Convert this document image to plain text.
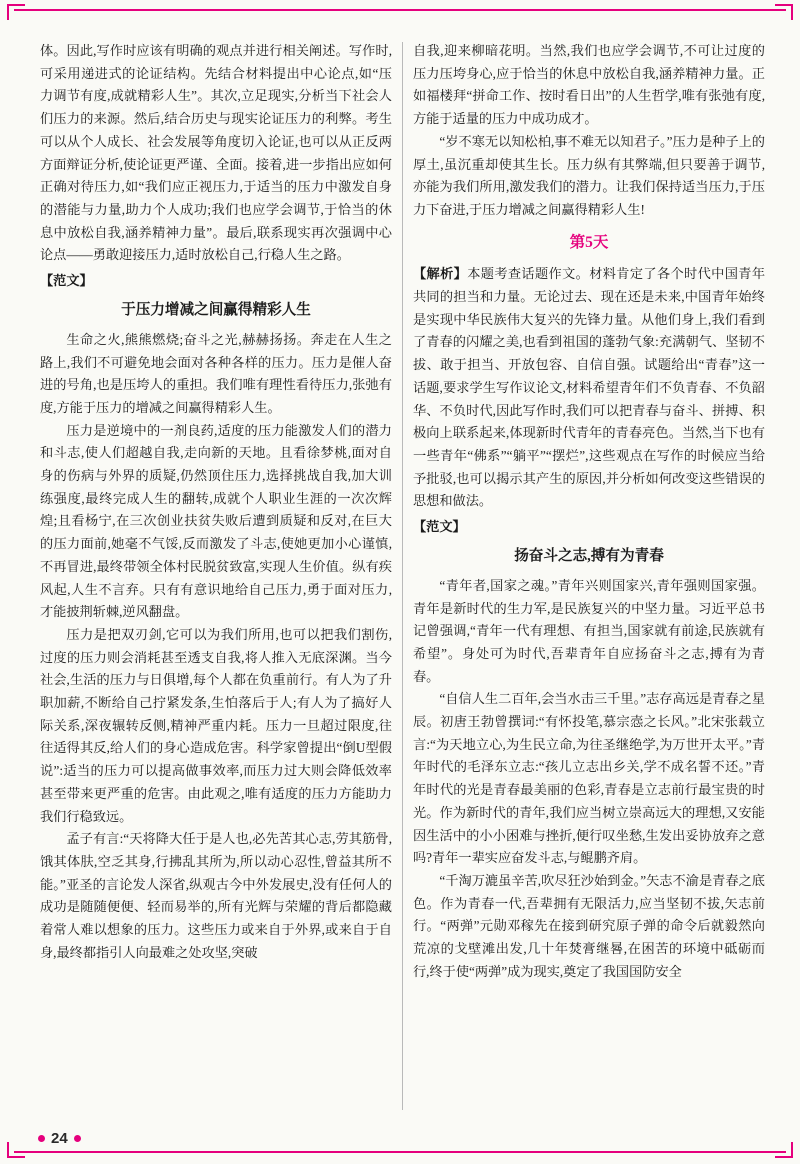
体。因此,写作时应该有明确的观点并进行相关阐述。写作时,可采用递进式的论证结构。先结合材料提出中心论点,如“压力调节有度,成就精彩人生”。其次,立足现实,分析当下社会人们压力的来源。然后,结合历史与现实论证压力的利弊。考生可以从个人成长、社会发展等角度切入论证,也可以从正反两方面辩证分析,使论证更严谨、全面。接着,进一步指出应如何正确对待压力,如“我们应正视压力,于适当的压力中激发自身的潜能与力量,助力个人成功;我们也应学会调节,于恰当的休息中放松自我,涵养精神力量”。最后,联系现实再次强调中心论点——勇敢迎接压力,适时放松自己,行稳人生之路。

【范文】

于压力增减之间赢得精彩人生

生命之火,熊熊燃烧;奋斗之光,赫赫扬扬。奔走在人生之路上,我们不可避免地会面对各种各样的压力。压力是催人奋进的号角,也是压垮人的重担。我们唯有理性看待压力,张弛有度,方能于压力的增减之间赢得精彩人生。

压力是逆境中的一剂良药,适度的压力能激发人们的潜力和斗志,使人们超越自我,走向新的天地。且看徐梦桃,面对自身的伤病与外界的质疑,仍然顶住压力,选择挑战自我,加大训练强度,最终完成人生的翻转,成就个人职业生涯的一次次辉煌;且看杨宁,在三次创业扶贫失败后遭到质疑和反对,在巨大的压力面前,她毫不气馁,反而激发了斗志,使她更加小心谨慎,不再冒进,最终带领全体村民脱贫致富,实现人生价值。纵有疾风起,人生不言弃。只有有意识地给自己压力,勇于面对压力,才能披荆斩棘,逆风翻盘。

压力是把双刃剑,它可以为我们所用,也可以把我们割伤,过度的压力则会消耗甚至透支自我,将人推入无底深渊。当今社会,生活的压力与日俱增,每个人都在负重前行。有人为了升职加薪,不断给自己拧紧发条,生怕落后于人;有人为了搞好人际关系,深夜辗转反侧,精神严重内耗。压力一旦超过限度,往往适得其反,给人们的身心造成危害。科学家曾提出“倒U型假说”:适当的压力可以提高做事效率,而压力过大则会降低效率甚至带来更严重的危害。由此观之,唯有适度的压力方能助力我们行稳致远。

孟子有言:“天将降大任于是人也,必先苦其心志,劳其筋骨,饿其体肤,空乏其身,行拂乱其所为,所以动心忍性,曾益其所不能。”亚圣的言论发人深省,纵观古今中外发展史,没有任何人的成功是随随便便、轻而易举的,所有光辉与荣耀的背后都隐藏着常人难以想象的压力。这些压力或来自于外界,或来自于自身,最终都指引人向最难之处攻坚,突破

自我,迎来柳暗花明。当然,我们也应学会调节,不可让过度的压力压垮身心,应于恰当的休息中放松自我,涵养精神力量。正如福楼拜“拼命工作、按时看日出”的人生哲学,唯有张弛有度,方能于适量的压力中成功成才。

“岁不寒无以知松柏,事不难无以知君子。”压力是种子上的厚土,虽沉重却使其生长。压力纵有其弊端,但只要善于调节,亦能为我们所用,激发我们的潜力。让我们保持适当压力,于压力下奋进,于压力增减之间赢得精彩人生!

第5天

【解析】本题考查话题作文。材料肯定了各个时代中国青年共同的担当和力量。无论过去、现在还是未来,中国青年始终是实现中华民族伟大复兴的先锋力量。从他们身上,我们看到了青春的闪耀之美,也看到祖国的蓬勃气象:充满朝气、坚韧不拔、敢于担当、开放包容、自信自强。试题给出“青春”这一话题,要求学生写作议论文,材料希望青年们不负青春、不负韶华、不负时代,因此写作时,我们可以把青春与奋斗、拼搏、积极向上联系起来,体现新时代青年的青春亮色。当然,当下也有一些青年“佛系”“躺平”“摆烂”,这些观点在写作的时候应当给予批驳,也可以揭示其产生的原因,并分析如何改变这些错误的思想和做法。

【范文】

扬奋斗之志,搏有为青春

“青年者,国家之魂。”青年兴则国家兴,青年强则国家强。青年是新时代的生力军,是民族复兴的中坚力量。习近平总书记曾强调,“青年一代有理想、有担当,国家就有前途,民族就有希望”。身处可为时代,吾辈青年自应扬奋斗之志,搏有为青春。

“自信人生二百年,会当水击三千里。”志存高远是青春之星辰。初唐王勃曾撰词:“有怀投笔,慕宗悫之长风。”北宋张载立言:“为天地立心,为生民立命,为往圣继绝学,为万世开太平。”青年时代的毛泽东立志:“孩儿立志出乡关,学不成名誓不还。”青年时代的光是青春最美丽的色彩,青春是立志前行最宝贵的时光。作为新时代的青年,我们应当树立崇高远大的理想,又安能因生活中的小小困难与挫折,便行叹坐愁,生发出妥协放弃之意吗?青年一辈实应奋发斗志,与鲲鹏齐肩。

“千淘万漉虽辛苦,吹尽狂沙始到金。”矢志不渝是青春之底色。作为青春一代,吾辈拥有无限活力,应当坚韧不拔,矢志前行。“两弹”元勋邓稼先在接到研究原子弹的命令后就毅然向荒凉的戈壁滩出发,几十年焚膏继晷,在困苦的环境中砥砺而行,终于使“两弹”成为现实,奠定了我国国防安全

24
